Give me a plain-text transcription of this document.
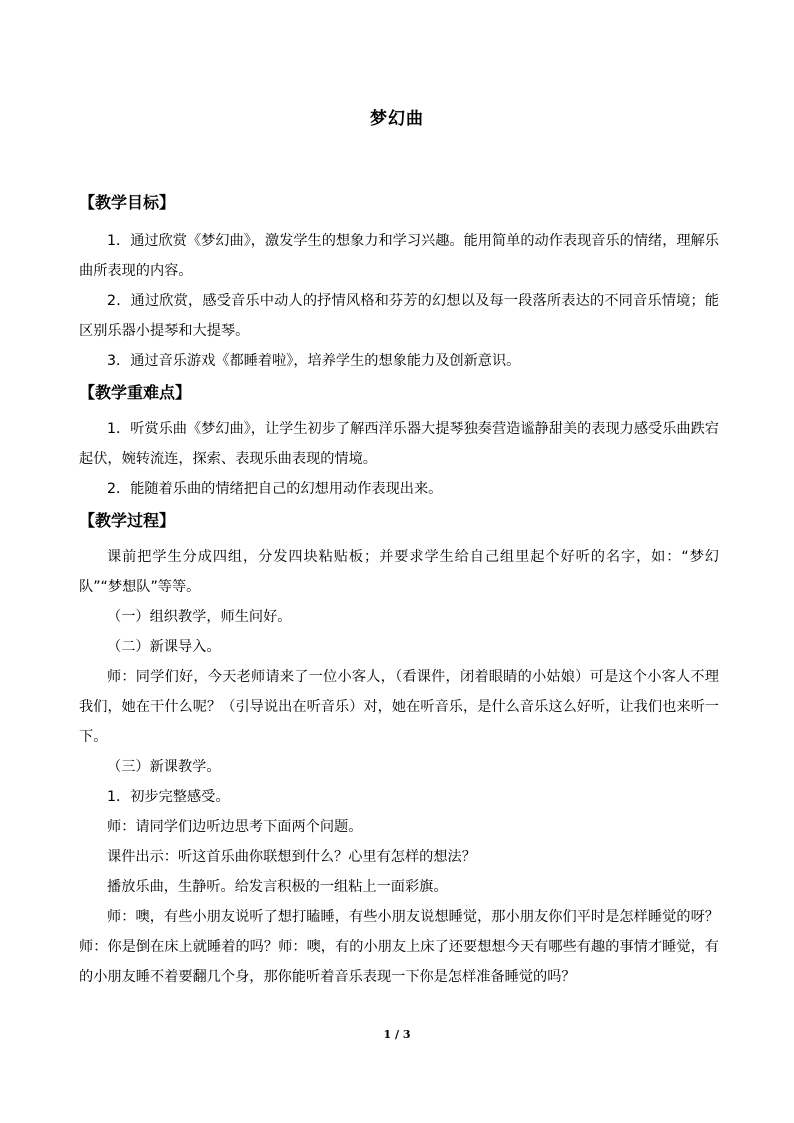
梦幻曲
【教学目标】

1．通过欣赏《梦幻曲》，激发学生的想象力和学习兴趣。能用简单的动作表现音乐的情绪，理解乐曲所表现的内容。

2．通过欣赏，感受音乐中动人的抒情风格和芬芳的幻想以及每一段落所表达的不同音乐情境；能区别乐器小提琴和大提琴。

3．通过音乐游戏《都睡着啦》，培养学生的想象能力及创新意识。

【教学重难点】

1．听赏乐曲《梦幻曲》，让学生初步了解西洋乐器大提琴独奏营造谧静甜美的表现力感受乐曲跌宕起伏，婉转流连，探索、表现乐曲表现的情境。

2．能随着乐曲的情绪把自己的幻想用动作表现出来。

【教学过程】

课前把学生分成四组，分发四块粘贴板；并要求学生给自己组里起个好听的名字，如：“梦幻队”“梦想队”等等。

（一）组织教学，师生问好。

（二）新课导入。

师：同学们好，今天老师请来了一位小客人，（看课件，闭着眼睛的小姑娘）可是这个小客人不理我们，她在干什么呢？（引导说出在听音乐）对，她在听音乐，是什么音乐这么好听，让我们也来听一下。

（三）新课教学。

1．初步完整感受。

师：请同学们边听边思考下面两个问题。

课件出示：听这首乐曲你联想到什么？心里有怎样的想法？

播放乐曲，生静听。给发言积极的一组粘上一面彩旗。

师：噢，有些小朋友说听了想打瞌睡，有些小朋友说想睡觉，那小朋友你们平时是怎样睡觉的呀？师：你是倒在床上就睡着的吗？师：噢，有的小朋友上床了还要想想今天有哪些有趣的事情才睡觉，有的小朋友睡不着要翻几个身，那你能听着音乐表现一下你是怎样准备睡觉的吗？

1 / 3
